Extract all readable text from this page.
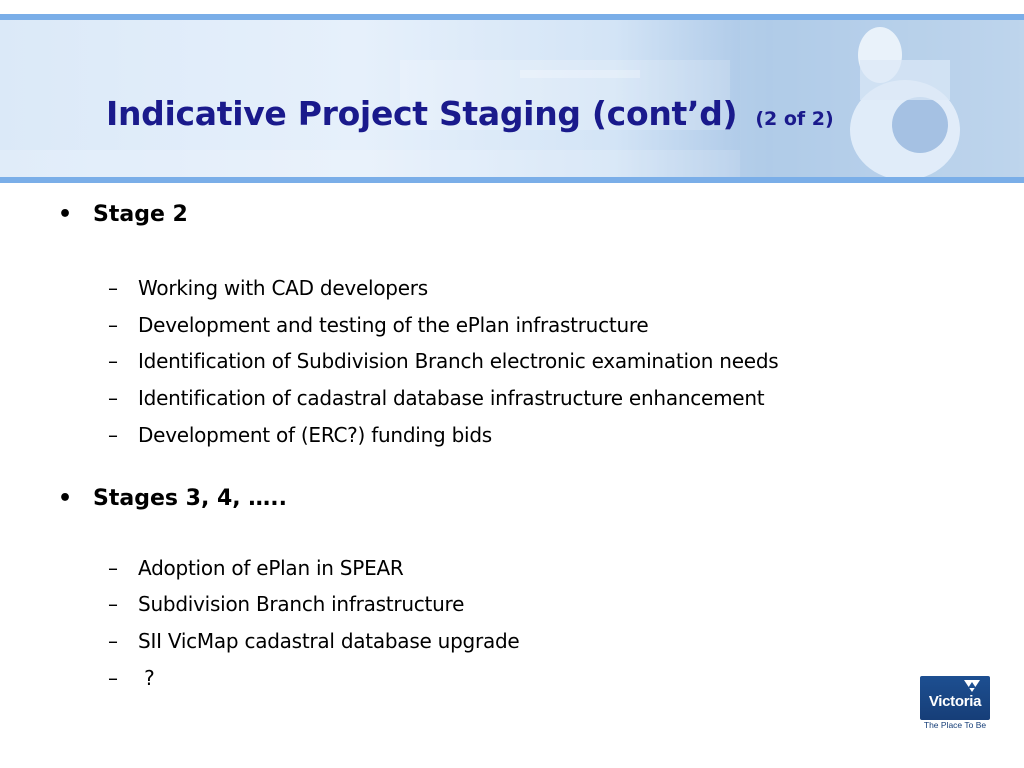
Indicative Project Staging (cont’d) (2 of 2)
• Stage 2
– Working with CAD developers
– Development and testing of the ePlan infrastructure
– Identification of Subdivision Branch electronic examination needs
– Identification of cadastral database infrastructure enhancement
– Development of (ERC?) funding bids
• Stages 3, 4, …..
– Adoption of ePlan in SPEAR
– Subdivision Branch infrastructure
– SII VicMap cadastral database upgrade
– ?
Victoria
The Place To Be
